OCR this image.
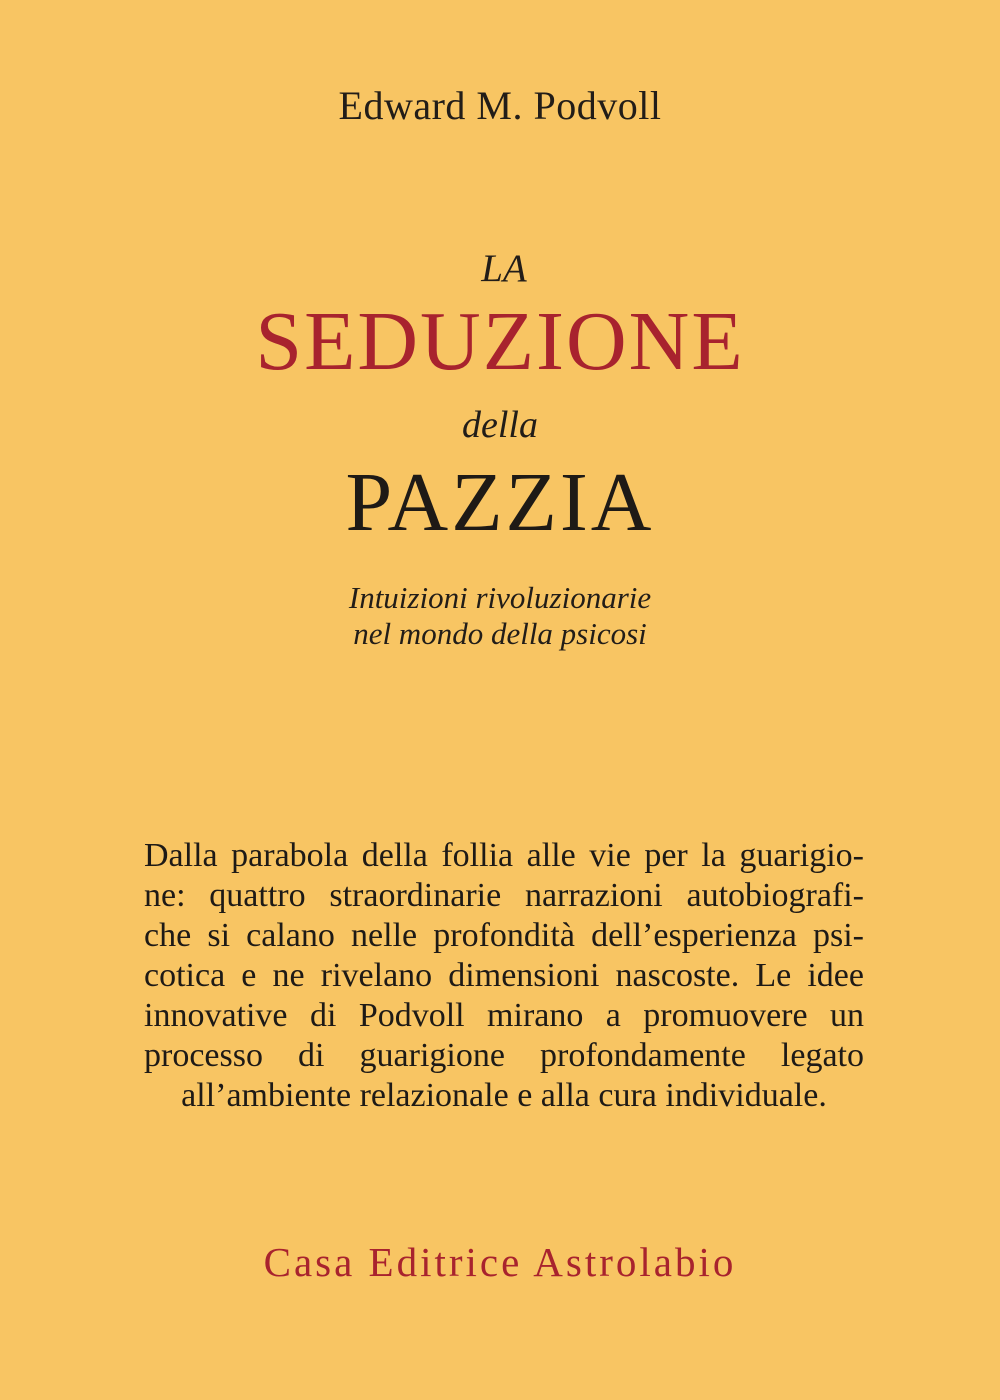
Edward M. Podvoll
LA
SEDUZIONE
della
PAZZIA
Intuizioni rivoluzionarie
nel mondo della psicosi
Dalla parabola della follia alle vie per la guarigio-
ne: quattro straordinarie narrazioni autobiografi-
che si calano nelle profondità dell’esperienza psi-
cotica e ne rivelano dimensioni nascoste. Le idee
innovative di Podvoll mirano a promuovere un
processo di guarigione profondamente legato
all’ambiente relazionale e alla cura individuale.
Casa Editrice Astrolabio
